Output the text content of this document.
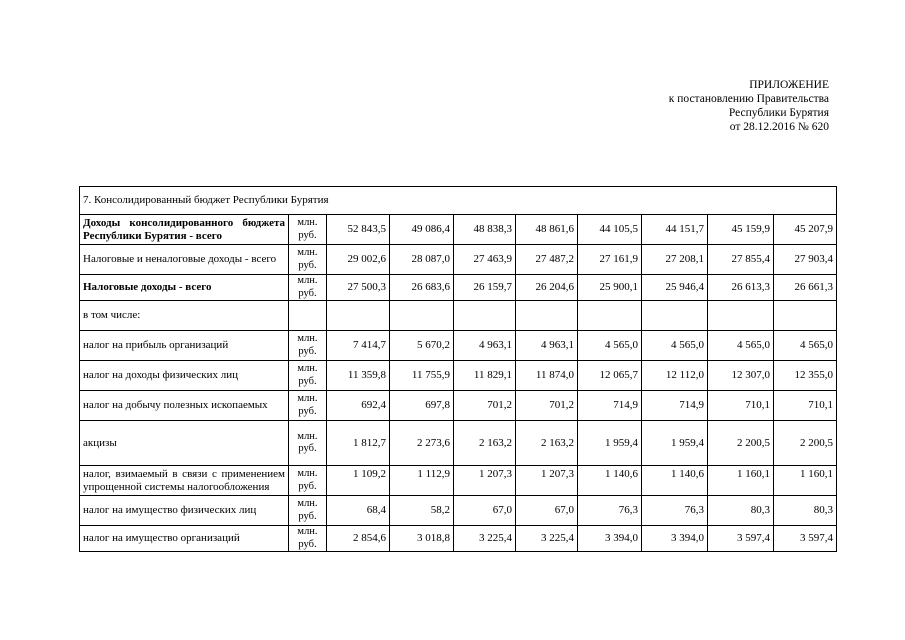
ПРИЛОЖЕНИЕ
к постановлению Правительства
Республики Бурятия
от 28.12.2016 № 620
7. Консолидированный бюджет Республики Бурятия									
Доходы консолидированного бюджета Республики Бурятия - всего	млн. руб.	52 843,5	49 086,4	48 838,3	48 861,6	44 105,5	44 151,7	45 159,9	45 207,9
Налоговые и неналоговые доходы - всего	млн. руб.	29 002,6	28 087,0	27 463,9	27 487,2	27 161,9	27 208,1	27 855,4	27 903,4
Налоговые доходы - всего	млн. руб.	27 500,3	26 683,6	26 159,7	26 204,6	25 900,1	25 946,4	26 613,3	26 661,3
в том числе:									
налог на прибыль организаций	млн. руб.	7 414,7	5 670,2	4 963,1	4 963,1	4 565,0	4 565,0	4 565,0	4 565,0
налог на доходы физических лиц	млн. руб.	11 359,8	11 755,9	11 829,1	11 874,0	12 065,7	12 112,0	12 307,0	12 355,0
налог на добычу полезных ископаемых	млн. руб.	692,4	697,8	701,2	701,2	714,9	714,9	710,1	710,1
акцизы	млн. руб.	1 812,7	2 273,6	2 163,2	2 163,2	1 959,4	1 959,4	2 200,5	2 200,5
налог, взимаемый в связи с применением упрощенной системы налогообложения	млн. руб.	1 109,2	1 112,9	1 207,3	1 207,3	1 140,6	1 140,6	1 160,1	1 160,1
налог на имущество физических лиц	млн. руб.	68,4	58,2	67,0	67,0	76,3	76,3	80,3	80,3
налог на имущество организаций	млн. руб.	2 854,6	3 018,8	3 225,4	3 225,4	3 394,0	3 394,0	3 597,4	3 597,4
